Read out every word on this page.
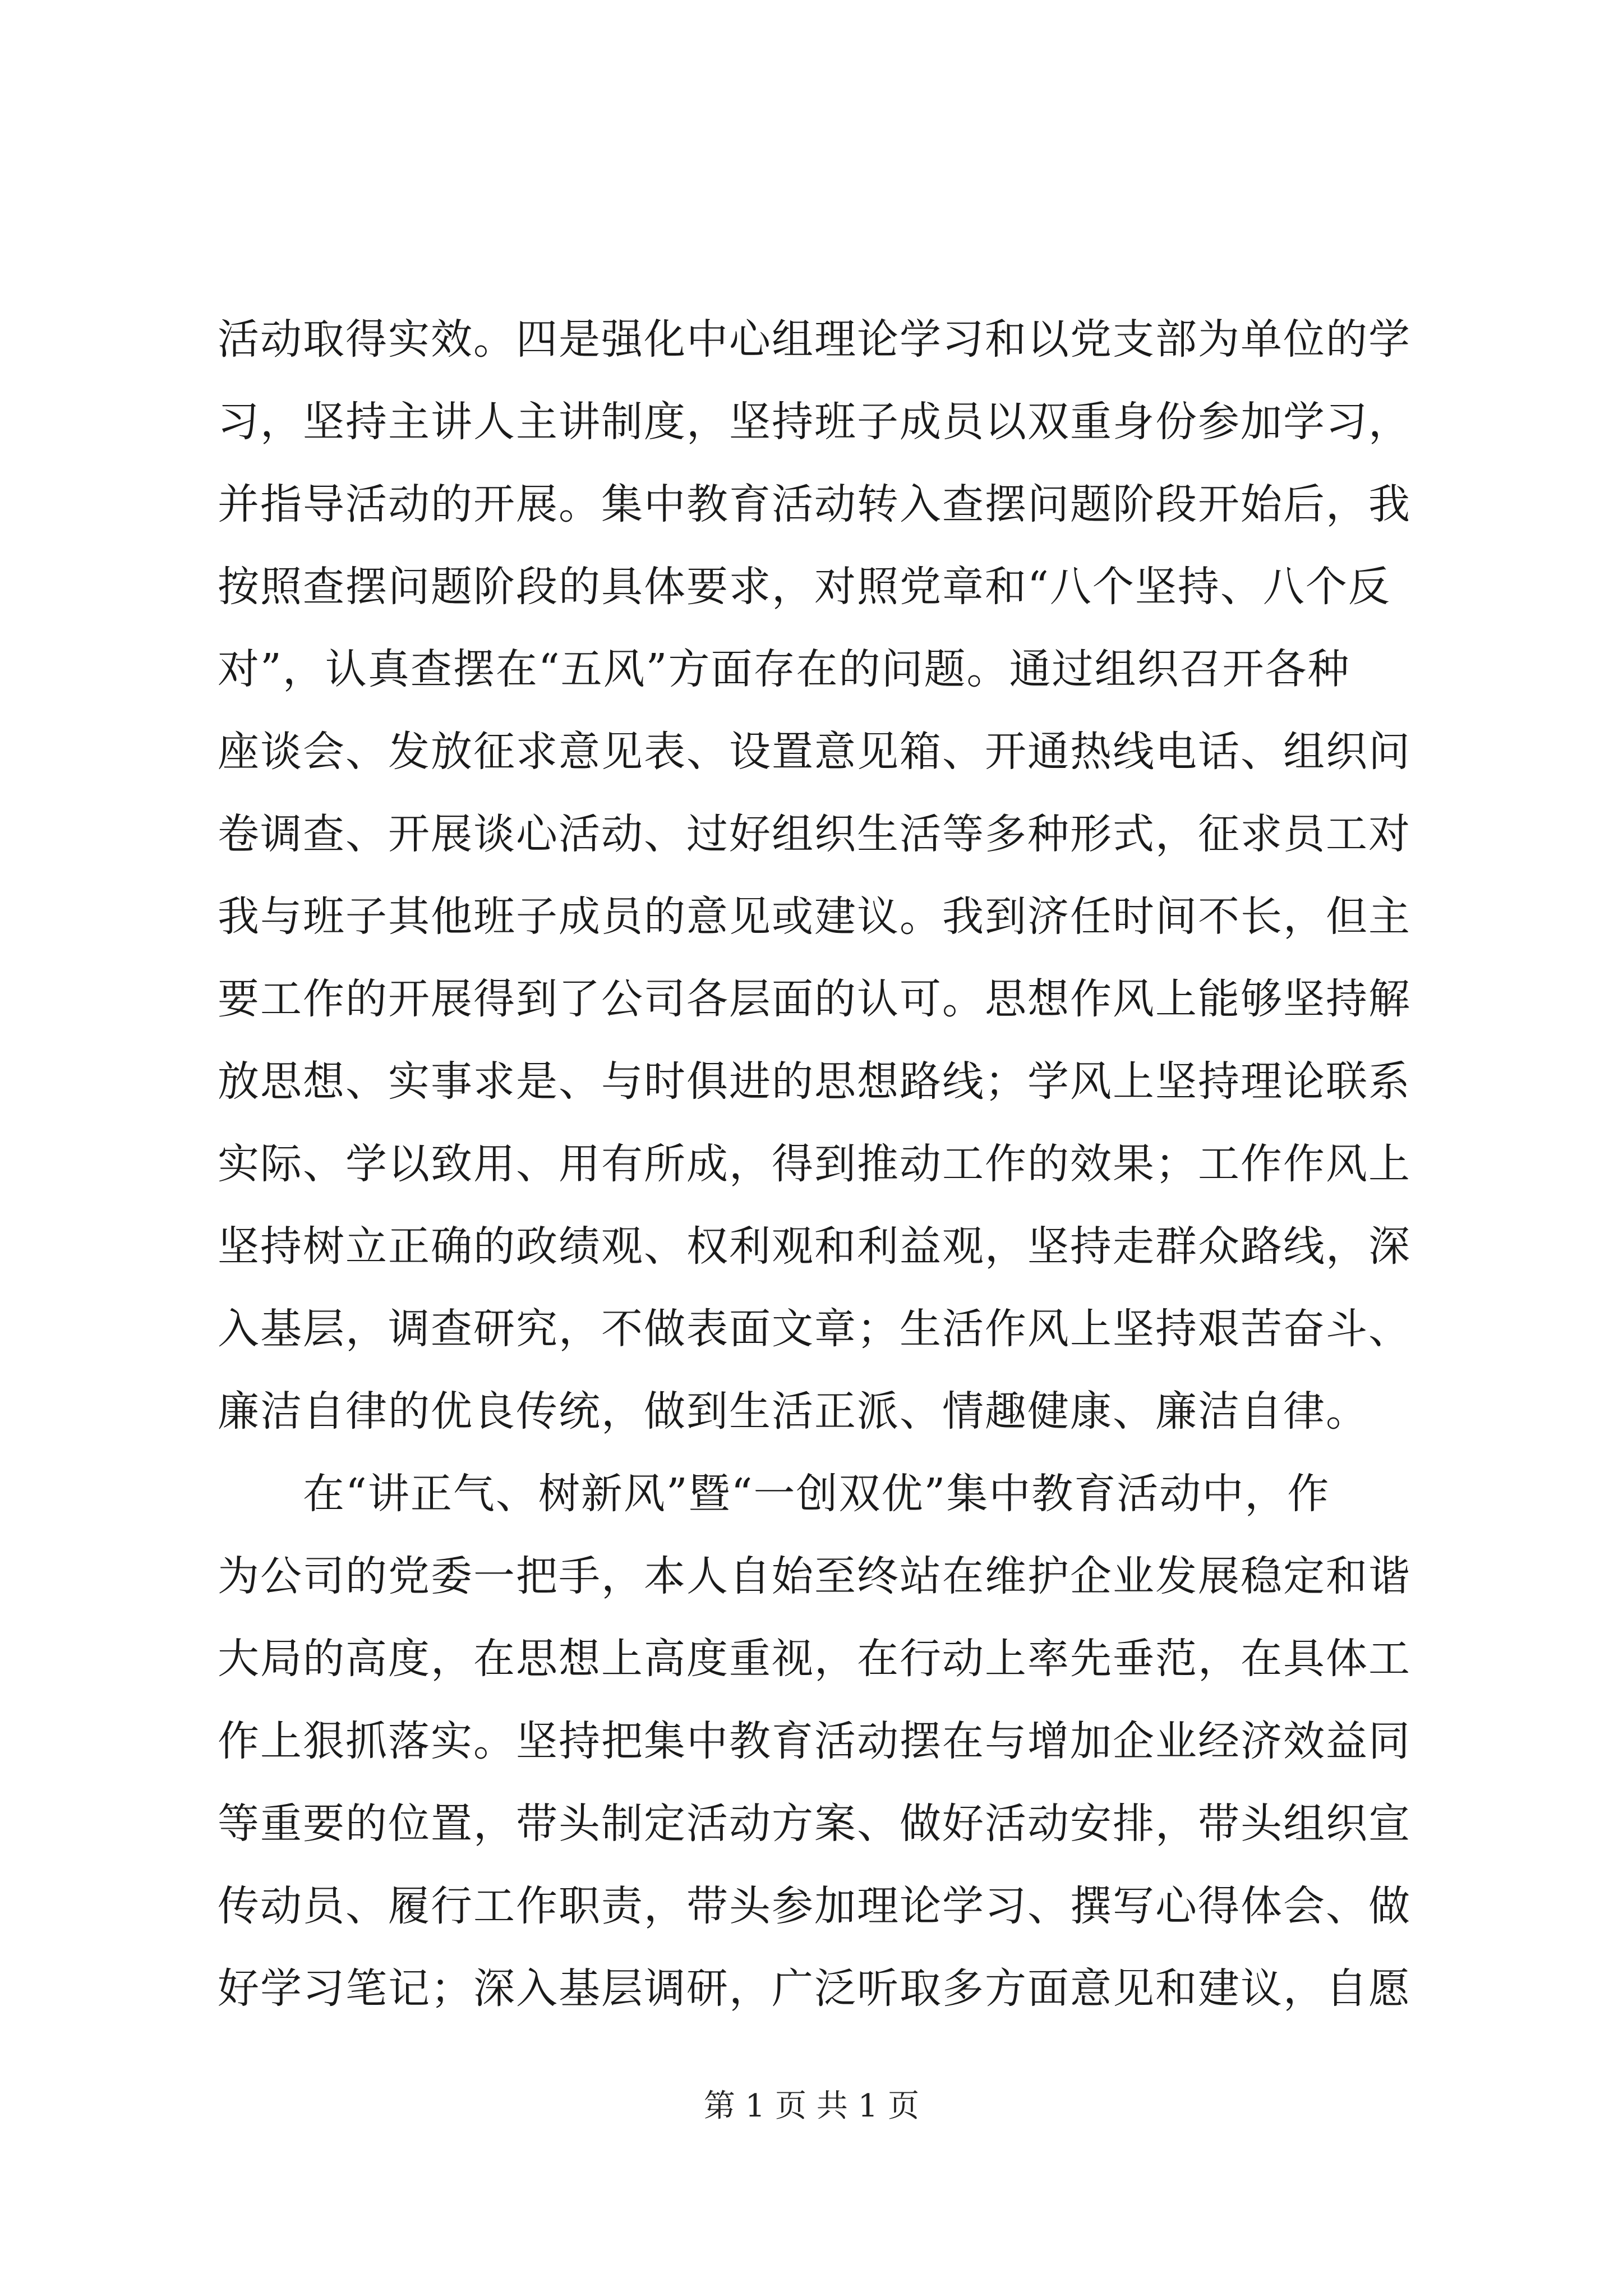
活动取得实效。四是强化中心组理论学习和以党支部为单位的学
习，坚持主讲人主讲制度，坚持班子成员以双重身份参加学习，
并指导活动的开展。集中教育活动转入查摆问题阶段开始后，我
按照查摆问题阶段的具体要求，对照党章和“八个坚持、八个反
对”，认真查摆在“五风”方面存在的问题。通过组织召开各种
座谈会、发放征求意见表、设置意见箱、开通热线电话、组织问
卷调查、开展谈心活动、过好组织生活等多种形式，征求员工对
我与班子其他班子成员的意见或建议。我到济任时间不长，但主
要工作的开展得到了公司各层面的认可。思想作风上能够坚持解
放思想、实事求是、与时俱进的思想路线；学风上坚持理论联系
实际、学以致用、用有所成，得到推动工作的效果；工作作风上
坚持树立正确的政绩观、权利观和利益观，坚持走群众路线，深
入基层，调查研究，不做表面文章；生活作风上坚持艰苦奋斗、
廉洁自律的优良传统，做到生活正派、情趣健康、廉洁自律。
　　在“讲正气、树新风”暨“一创双优”集中教育活动中，作
为公司的党委一把手，本人自始至终站在维护企业发展稳定和谐
大局的高度，在思想上高度重视，在行动上率先垂范，在具体工
作上狠抓落实。坚持把集中教育活动摆在与增加企业经济效益同
等重要的位置，带头制定活动方案、做好活动安排，带头组织宣
传动员、履行工作职责，带头参加理论学习、撰写心得体会、做
好学习笔记；深入基层调研，广泛听取多方面意见和建议，自愿
第 1 页 共 1 页
